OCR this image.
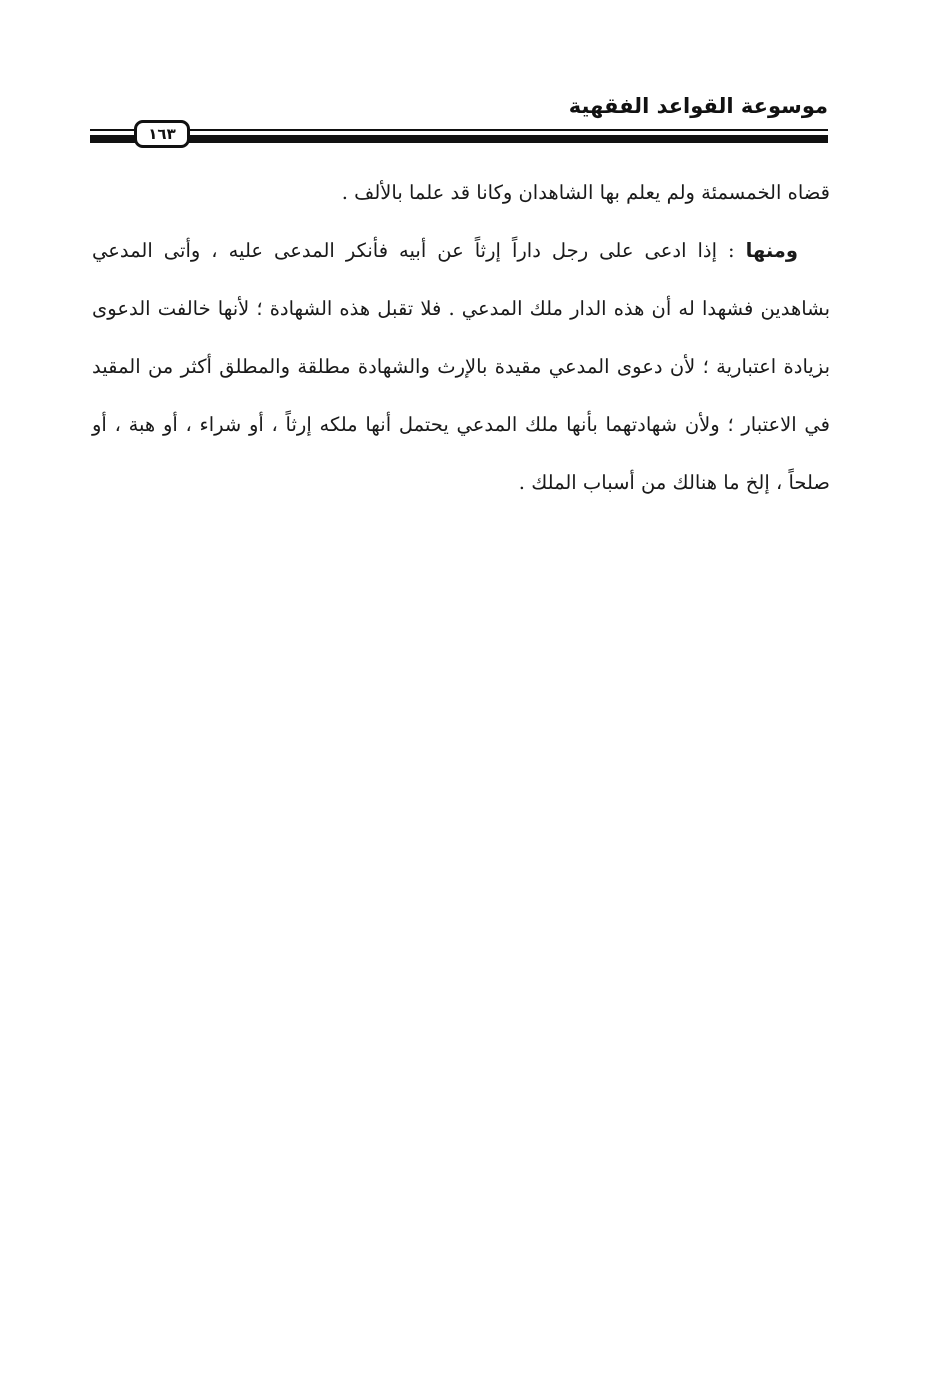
موسوعة القواعد الفقهية
١٦٣

قضاه الخمسمئة ولم يعلم بها الشاهدان وكانا قد علما بالألف .

ومنها : إذا ادعى على رجل داراً إرثاً عن أبيه فأنكر المدعى عليه ، وأتى المدعي بشاهدين فشهدا له أن هذه الدار ملك المدعي . فلا تقبل هذه الشهادة ؛ لأنها خالفت الدعوى بزيادة اعتبارية ؛ لأن دعوى المدعي مقيدة بالإرث والشهادة مطلقة والمطلق أكثر من المقيد في الاعتبار ؛ ولأن شهادتهما بأنها ملك المدعي يحتمل أنها ملكه إرثاً ، أو شراء ، أو هبة ، أو صلحاً ، إلخ ما هنالك من أسباب الملك .
